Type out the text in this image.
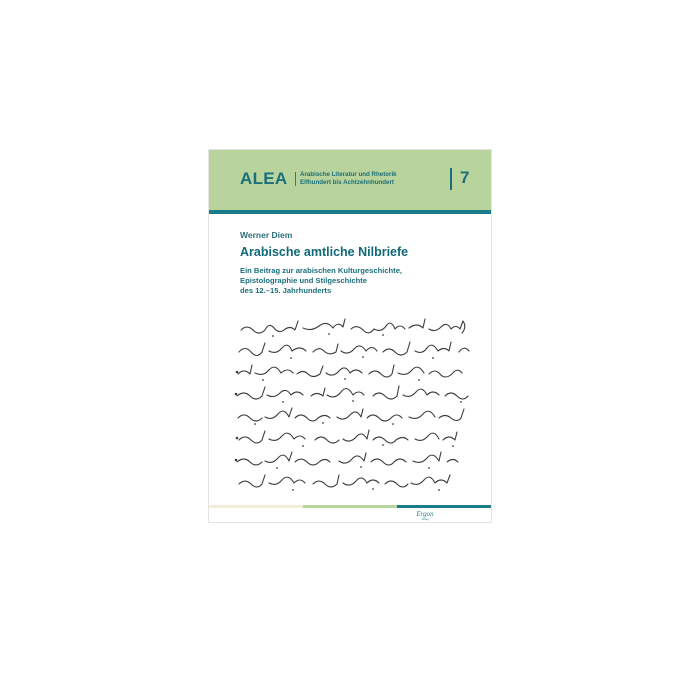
ALEA Arabische Literatur und Rhetorik
Elfhundert bis Achtzehnhundert	7
Werner Diem
Arabische amtliche Nilbriefe
Ein Beitrag zur arabischen Kulturgeschichte,
Epistolographie und Stilgeschichte
des 12.–15. Jahrhunderts
Ergon
Verlag
